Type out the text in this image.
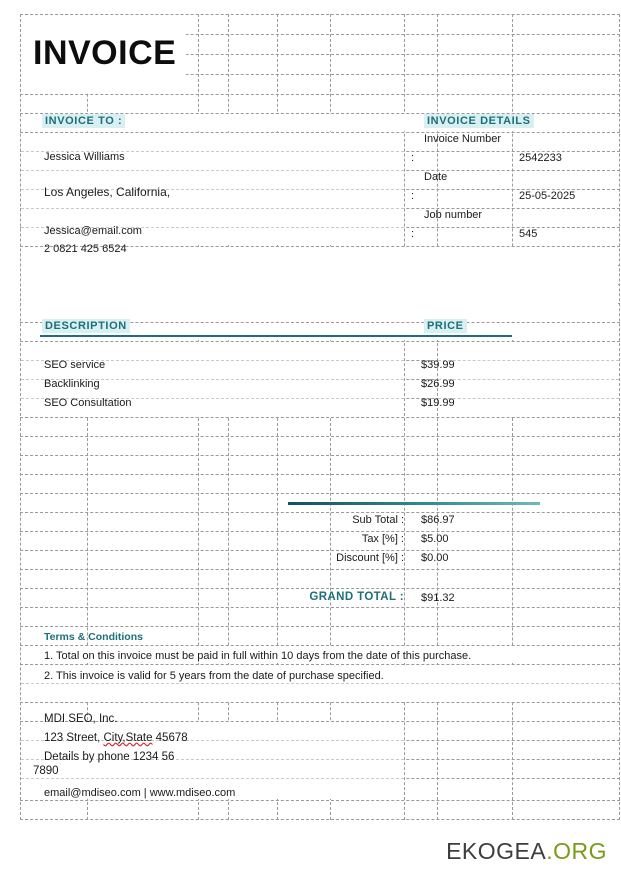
INVOICE
INVOICE TO :
Jessica Williams
Los Angeles, California,
Jessica@email.com
2 0821 425 6524
INVOICE DETAILS
Invoice Number
:	2542233
Date
:	25-05-2025
Job number
:	545
DESCRIPTION	PRICE
SEO service	$39.99
Backlinking	$26.99
SEO Consultation	$19.99
Sub Total : $86.97
Tax [%] : $5.00
Discount [%] : $0.00
GRAND TOTAL : $91.32
Terms & Conditions
1. Total on this invoice must be paid in full within 10 days from the date of this purchase.
2. This invoice is valid for 5 years from the date of purchase specified.
MDI SEO, Inc.
123 Street, City,State 45678
Details by phone 1234 56
7890
email@mdiseo.com | www.mdiseo.com
EKOGEA.ORG
